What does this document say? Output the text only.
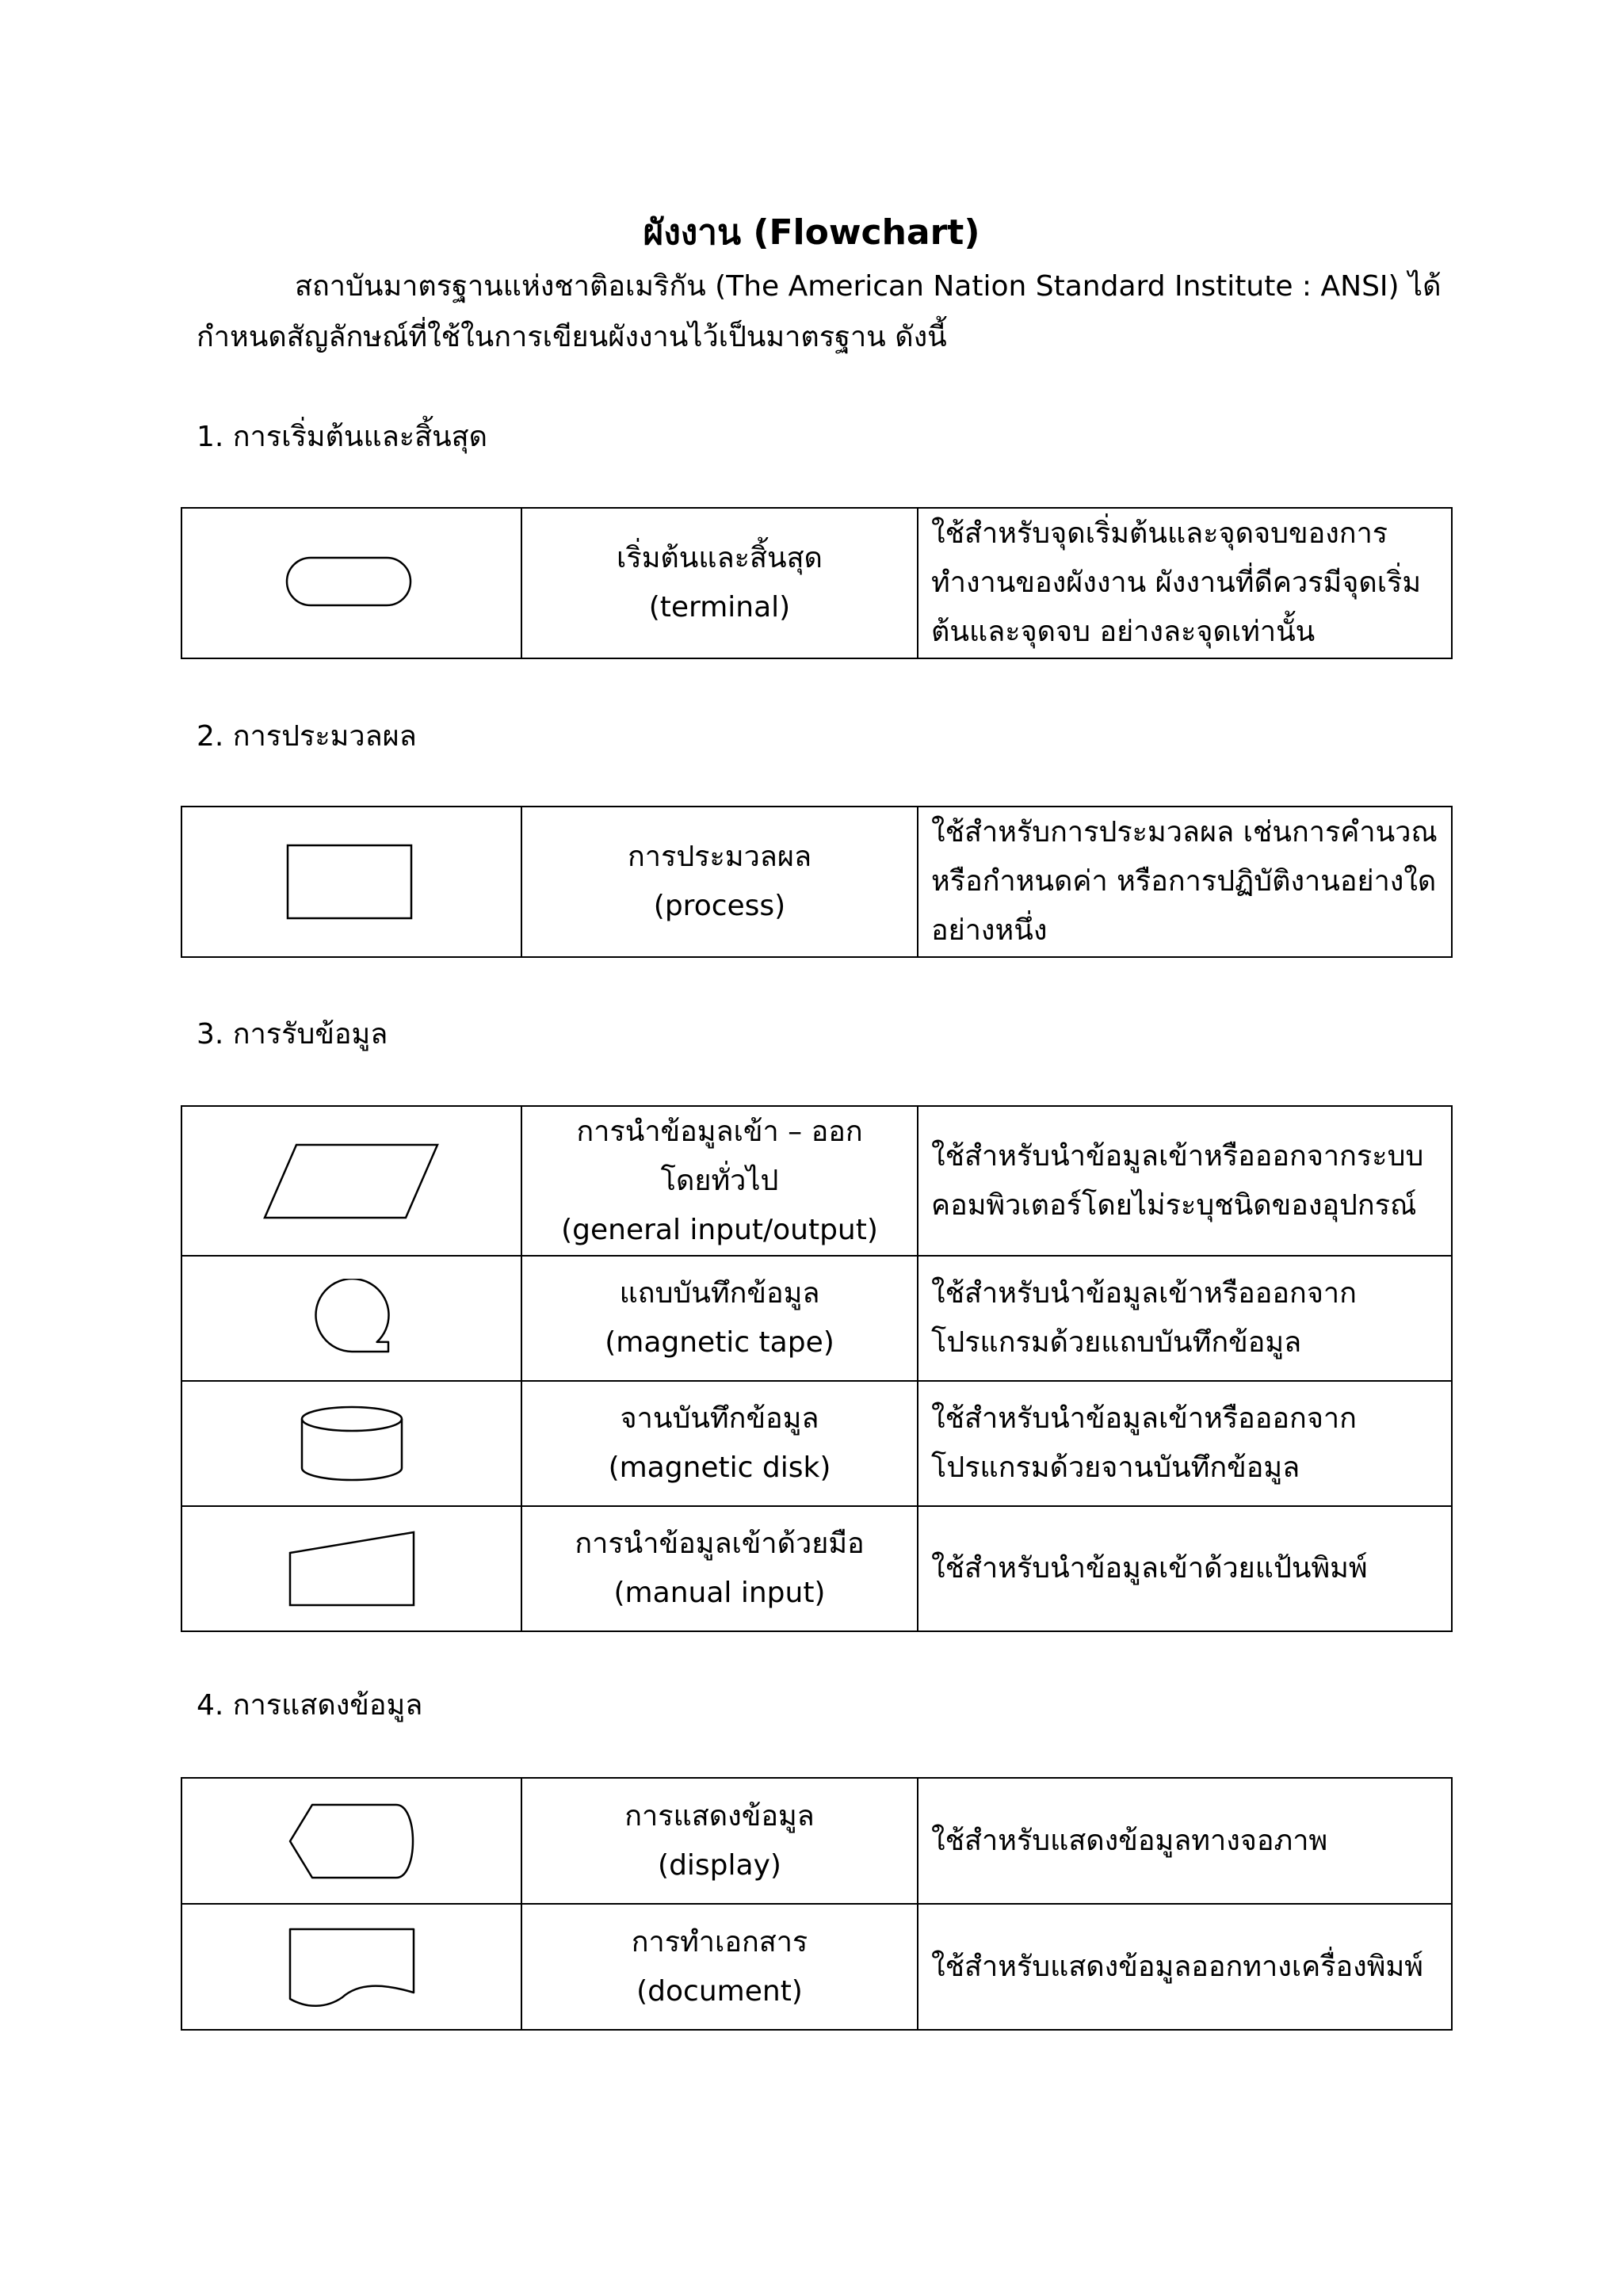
ผังงาน (Flowchart)
สถาบันมาตรฐานแห่งชาติอเมริกัน (The American Nation Standard Institute : ANSI) ได้กำหนดสัญลักษณ์ที่ใช้ในการเขียนผังงานไว้เป็นมาตรฐาน ดังนี้
1. การเริ่มต้นและสิ้นสุด

เริ่มต้นและสิ้นสุด
(terminal)
	ใช้สำหรับจุดเริ่มต้นและจุดจบของการทำงานของผังงาน ผังงานที่ดีควรมีจุดเริ่มต้นและจุดจบ อย่างละจุดเท่านั้น
2. การประมวลผล

การประมวลผล
(process)
	ใช้สำหรับการประมวลผล เช่นการคำนวณหรือกำหนดค่า หรือการปฏิบัติงานอย่างใดอย่างหนึ่ง
3. การรับข้อมูล

การนำข้อมูลเข้า – ออก
โดยทั่วไป
(general input/output)	ใช้สำหรับนำข้อมูลเข้าหรือออกจากระบบคอมพิวเตอร์โดยไม่ระบุชนิดของอุปกรณ์

แถบบันทึกข้อมูล
(magnetic tape)	ใช้สำหรับนำข้อมูลเข้าหรือออกจากโปรแกรมด้วยแถบบันทึกข้อมูล

จานบันทึกข้อมูล
(magnetic disk)	ใช้สำหรับนำข้อมูลเข้าหรือออกจากโปรแกรมด้วยจานบันทึกข้อมูล

การนำข้อมูลเข้าด้วยมือ
(manual input)	ใช้สำหรับนำข้อมูลเข้าด้วยแป้นพิมพ์
4. การแสดงข้อมูล

การแสดงข้อมูล
(display)	ใช้สำหรับแสดงข้อมูลทางจอภาพ

การทำเอกสาร
(document)	ใช้สำหรับแสดงข้อมูลออกทางเครื่องพิมพ์
